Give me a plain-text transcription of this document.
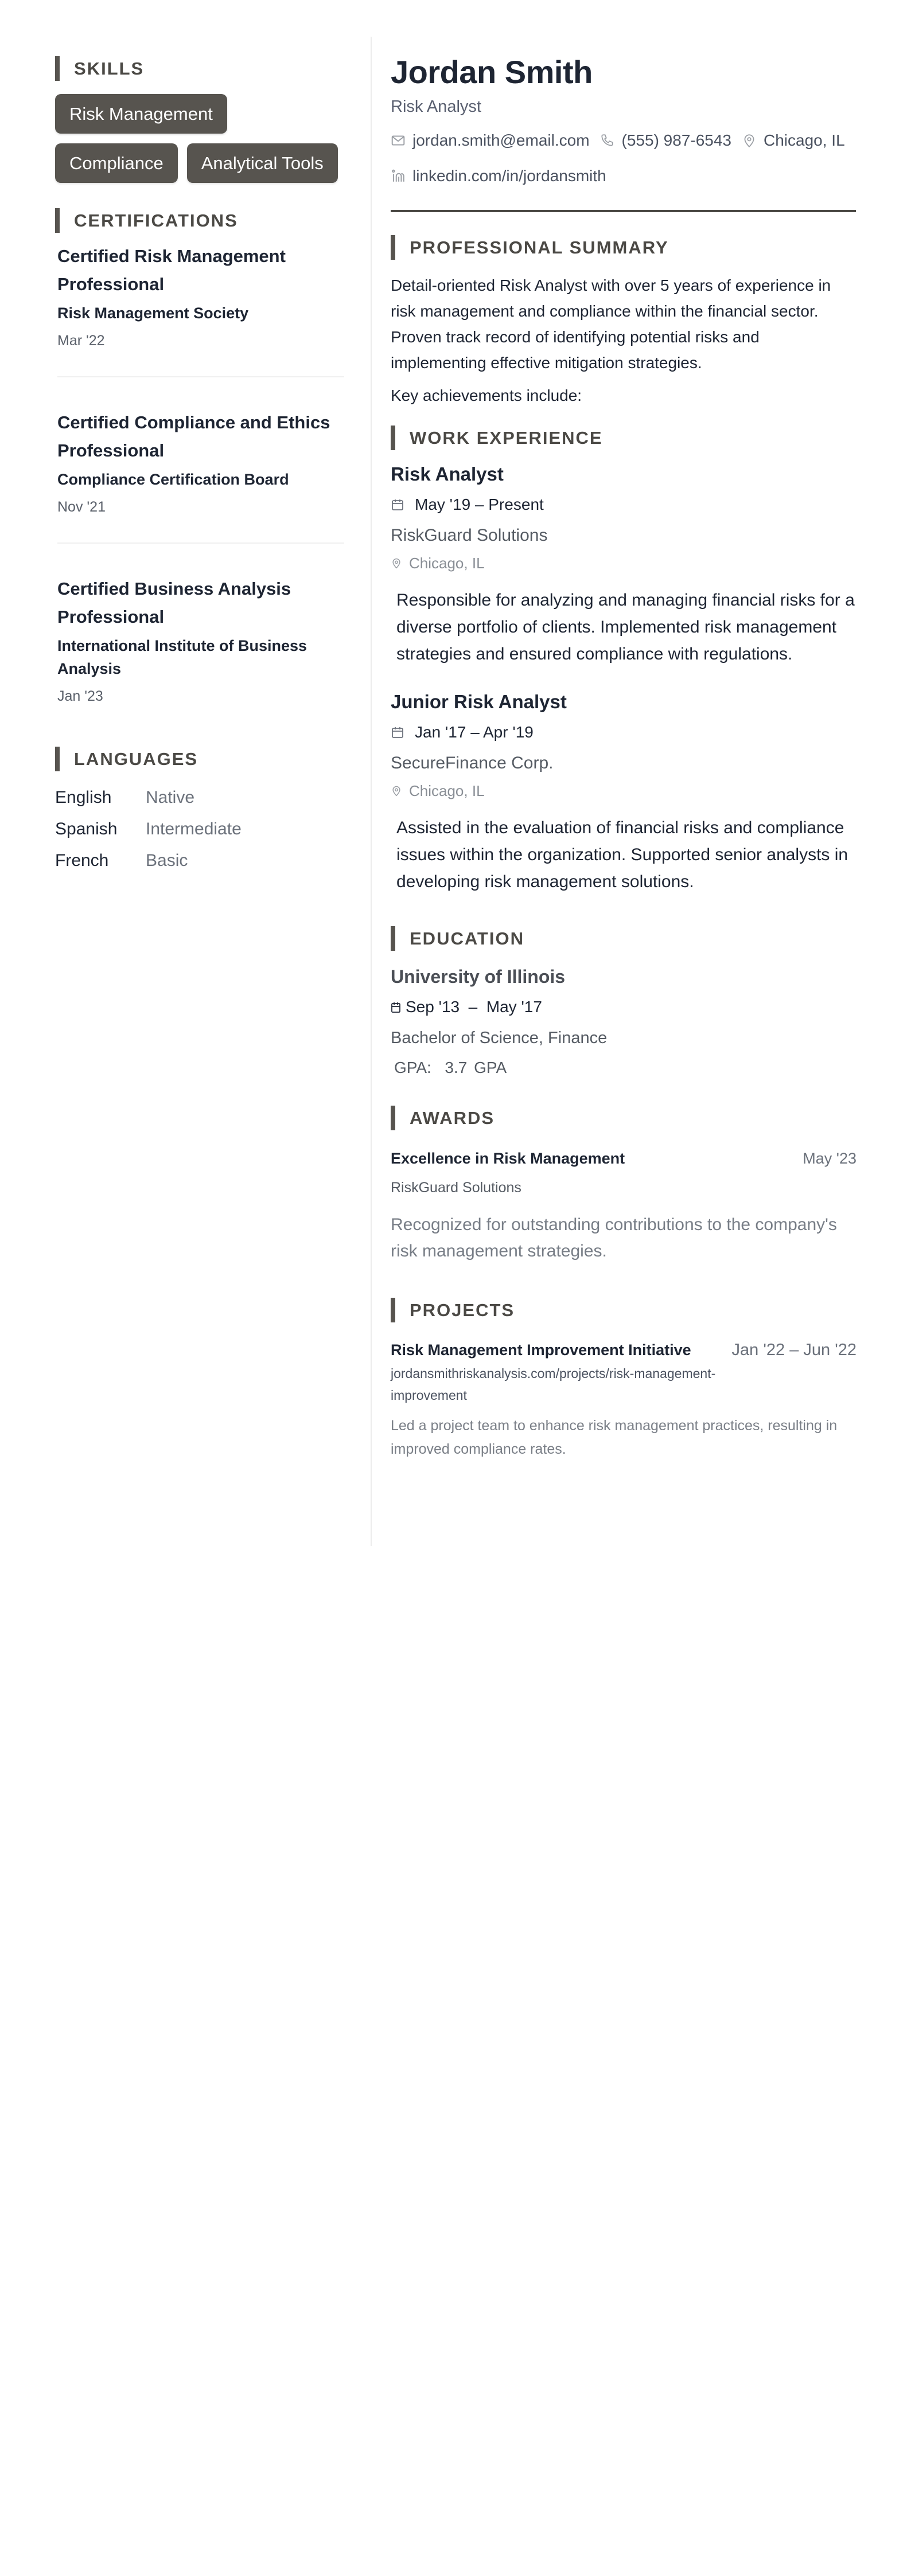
SKILLS
Risk Management
Compliance	Analytical Tools
CERTIFICATIONS
Certified Risk Management Professional
Risk Management Society
Mar '22
Certified Compliance and Ethics Professional
Compliance Certification Board
Nov '21
Certified Business Analysis Professional
International Institute of Business Analysis
Jan '23
LANGUAGES
English	Native
Spanish	Intermediate
French	Basic
Jordan Smith
Risk Analyst
jordan.smith@email.com (555) 987-6543 Chicago, IL
linkedin.com/in/jordansmith
PROFESSIONAL SUMMARY

Detail-oriented Risk Analyst with over 5 years of experience in risk management and compliance within the financial sector. Proven track record of identifying potential risks and implementing effective mitigation strategies.

Key achievements include:

WORK EXPERIENCE
Risk Analyst
May '19 – Present
RiskGuard Solutions
Chicago, IL
Responsible for analyzing and managing financial risks for a diverse portfolio of clients. Implemented risk management strategies and ensured compliance with regulations.
Junior Risk Analyst
Jan '17 – Apr '19
SecureFinance Corp.
Chicago, IL
Assisted in the evaluation of financial risks and compliance issues within the organization. Supported senior analysts in developing risk management solutions.
EDUCATION
University of Illinois
Sep '13  –  May '17
Bachelor of Science, Finance
GPA:  3.7 GPA
AWARDS
Excellence in Risk Management	May '23
RiskGuard Solutions
Recognized for outstanding contributions to the company's risk management strategies.
PROJECTS
Risk Management Improvement Initiative Jan '22 – Jun '22
jordansmithriskanalysis.com/projects/risk-management-improvement
Led a project team to enhance risk management practices, resulting in improved compliance rates.
